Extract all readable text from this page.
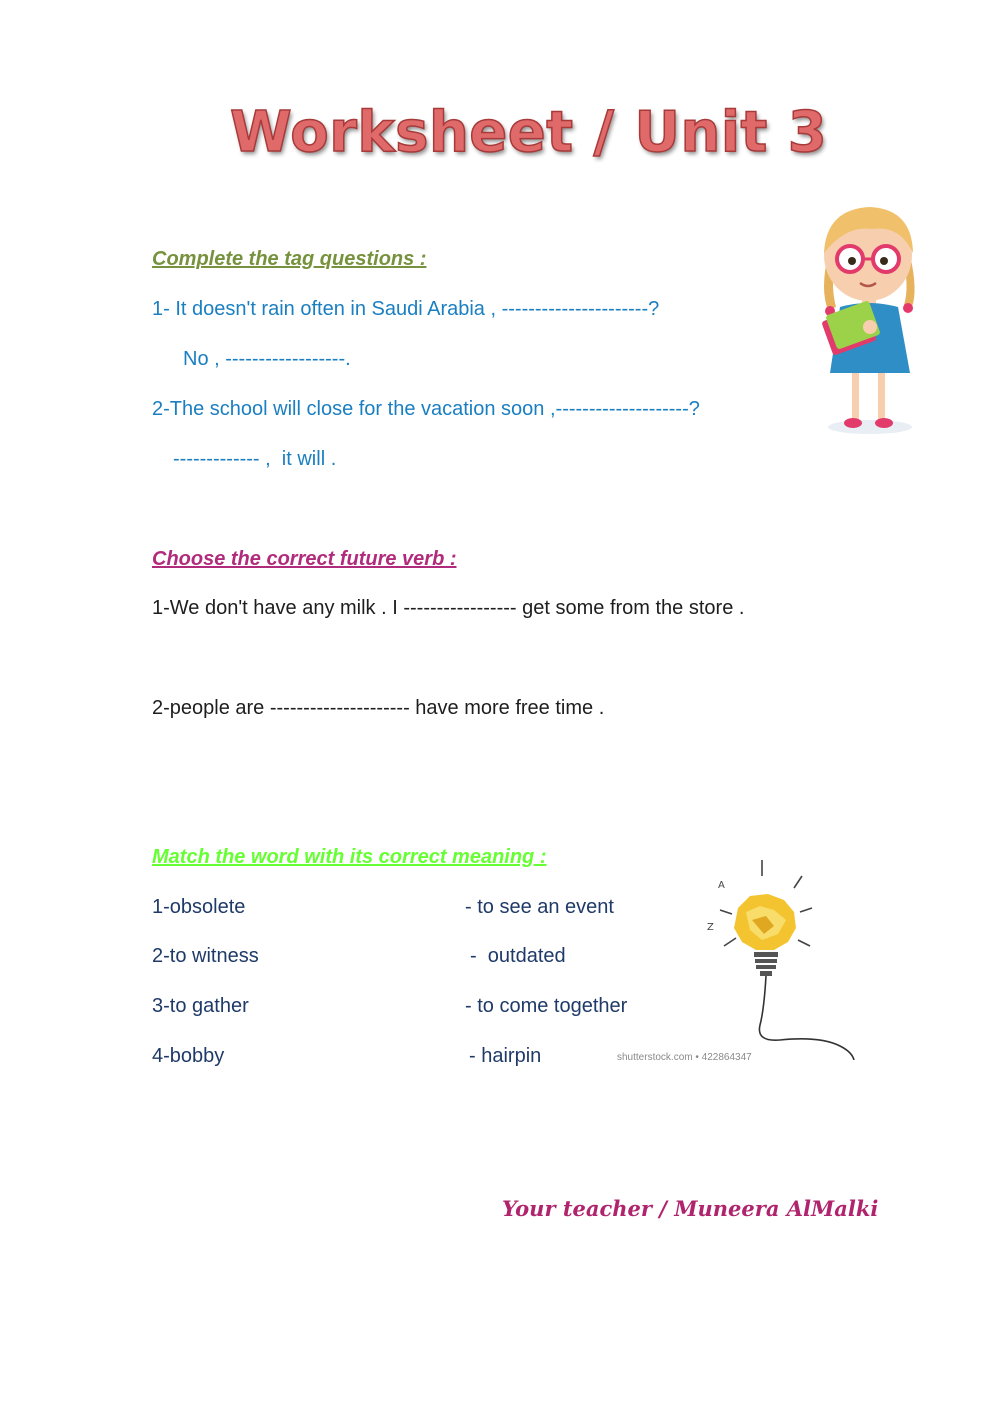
Worksheet / Unit 3
Complete the tag questions :
1- It doesn't rain often in Saudi Arabia , ----------------------?
No , ------------------.
2-The school will close for the vacation soon ,--------------------?
------------- ,  it will .
Choose the correct future verb :
1-We don't have any milk . I ----------------- get some from the store .
2-people are --------------------- have more free time .
Match the word with its correct meaning :
1-obsolete	- to see an event
2-to witness	-  outdated
3-to gather	- to come together
4-bobby	- hairpin
A
Z
shutterstock.com • 422864347
Your teacher / Muneera AlMalki
